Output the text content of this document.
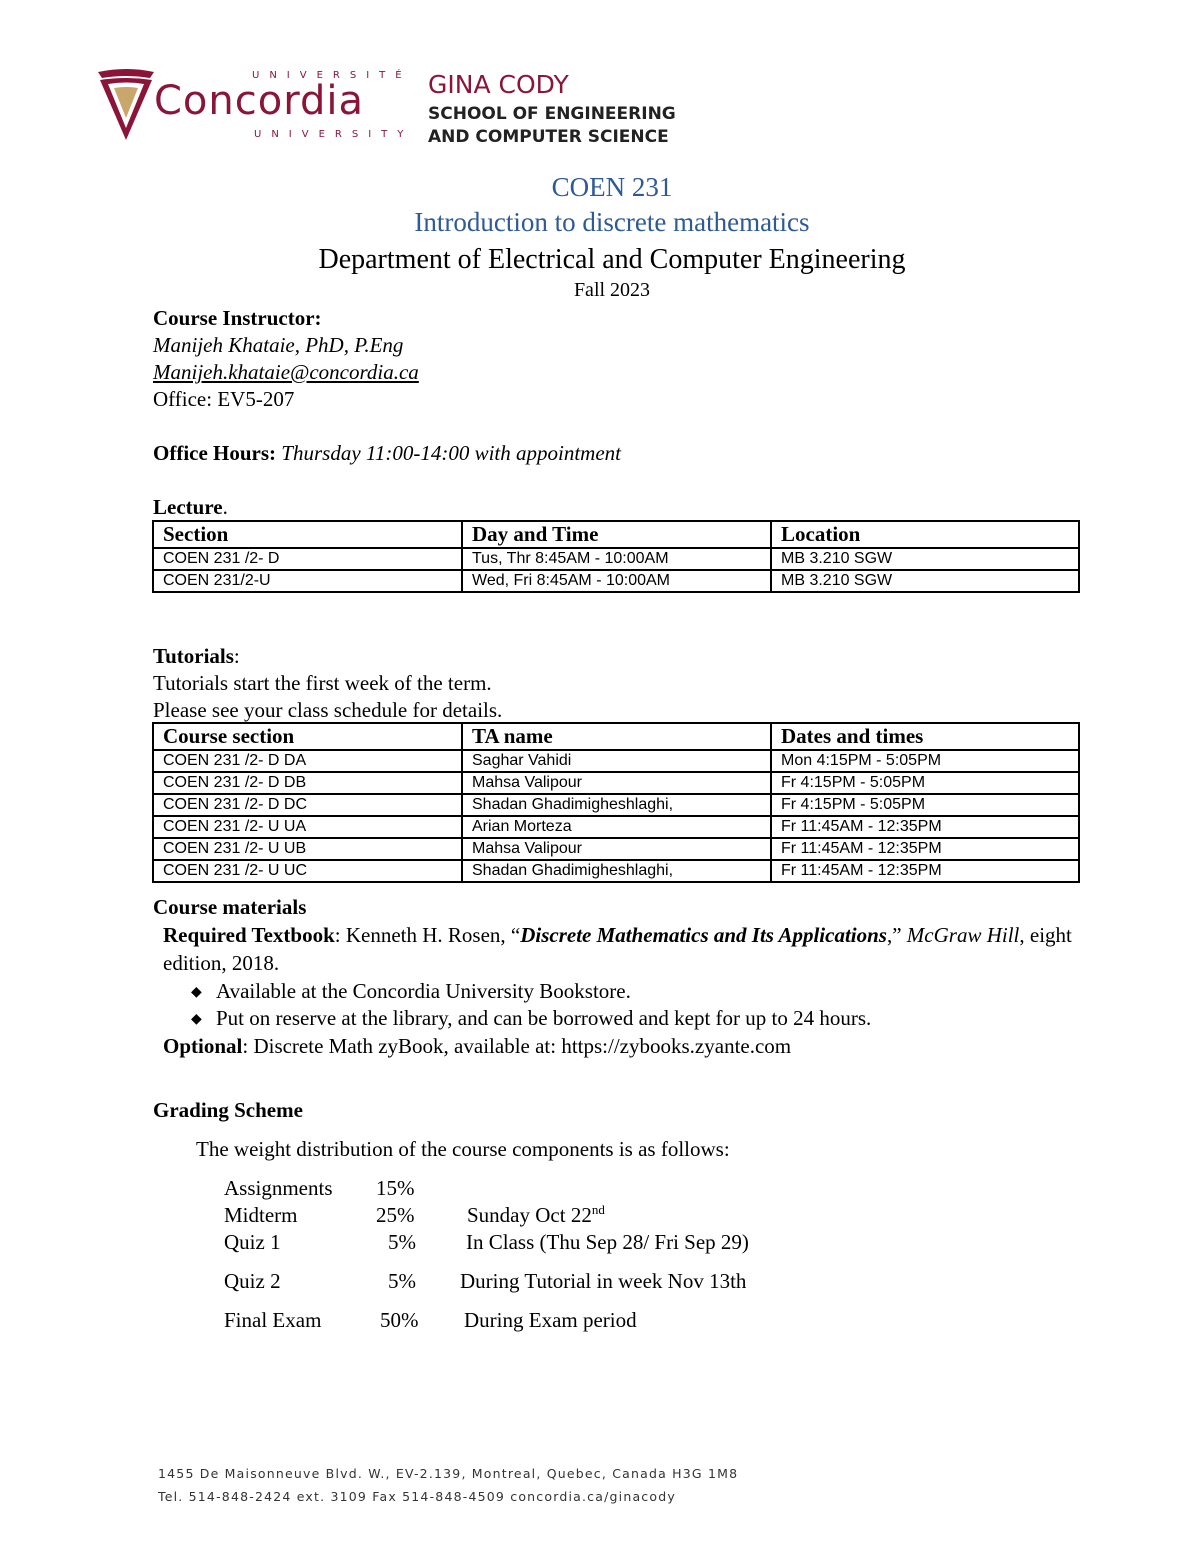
UNIVERSITÉ
Concordia
UNIVERSITY
GINA CODY
SCHOOL OF ENGINEERING
AND COMPUTER SCIENCE
COEN 231
Introduction to discrete mathematics
Department of Electrical and Computer Engineering
Fall 2023
Course Instructor:
Manijeh Khataie, PhD, P.Eng
Manijeh.khataie@concordia.ca
Office: EV5-207
Office Hours: Thursday 11:00-14:00 with appointment
Lecture.
Section	Day and Time	Location
COEN 231 /2- D	Tus, Thr 8:45AM - 10:00AM	MB 3.210 SGW
COEN 231/2-U	Wed, Fri 8:45AM - 10:00AM	MB 3.210 SGW
Tutorials:
Tutorials start the first week of the term.
Please see your class schedule for details.
Course section	TA name	Dates and times
COEN 231 /2- D DA	Saghar Vahidi	Mon 4:15PM - 5:05PM
COEN 231 /2- D DB	Mahsa Valipour	Fr 4:15PM - 5:05PM
COEN 231 /2- D DC	Shadan Ghadimigheshlaghi,	Fr 4:15PM - 5:05PM
COEN 231 /2- U UA	Arian Morteza	Fr 11:45AM - 12:35PM
COEN 231 /2- U UB	Mahsa Valipour	Fr 11:45AM - 12:35PM
COEN 231 /2- U UC	Shadan Ghadimigheshlaghi,	Fr 11:45AM - 12:35PM
Course materials
Required Textbook: Kenneth H. Rosen, “Discrete Mathematics and Its Applications,” McGraw Hill, eight edition, 2018.
◆ Available at the Concordia University Bookstore.
◆ Put on reserve at the library, and can be borrowed and kept for up to 24 hours.
Optional: Discrete Math zyBook, available at: https://zybooks.zyante.com
Grading Scheme
The weight distribution of the course components is as follows:
Assignments 15%
Midterm	25%	Sunday Oct 22nd
Quiz 1	5% In Class (Thu Sep 28/ Fri Sep 29)
Quiz 2	5% During Tutorial in week Nov 13th
Final Exam	50% During Exam period
1455 De Maisonneuve Blvd. W., EV-2.139, Montreal, Quebec, Canada H3G 1M8
Tel. 514-848-2424 ext. 3109 Fax 514-848-4509 concordia.ca/ginacody
